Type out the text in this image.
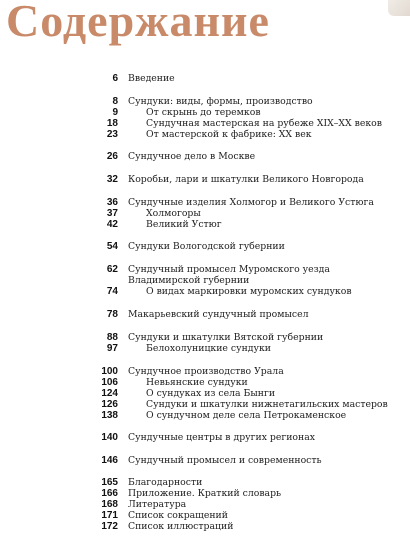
Содержание
6 Введение
8 Сундуки: виды, формы, производство
9	От скрынь до теремков
18	Сундучная мастерская на рубеже XIX–XX веков
23	От мастерской к фабрике: XX век
26 Сундучное дело в Москве
32 Коробьи, лари и шкатулки Великого Новгорода
36 Сундучные изделия Холмогор и Великого Устюга
37	Холмогоры
42	Великий Устюг
54 Сундуки Вологодской губернии
62 Сундучный промысел Муромского уезда
Владимирской губернии
74	О видах маркировки муромских сундуков
78 Макарьевский сундучный промысел
88 Сундуки и шкатулки Вятской губернии
97	Белохолуницкие сундуки
100 Сундучное производство Урала
106	Невьянские сундуки
124	О сундуках из села Бынги
126	Сундуки и шкатулки нижнетагильских мастеров
138	О сундучном деле села Петрокаменское
140 Сундучные центры в других регионах
146 Сундучный промысел и современность
165 Благодарности
166 Приложение. Краткий словарь
168 Литература
171 Список сокращений
172 Список иллюстраций
